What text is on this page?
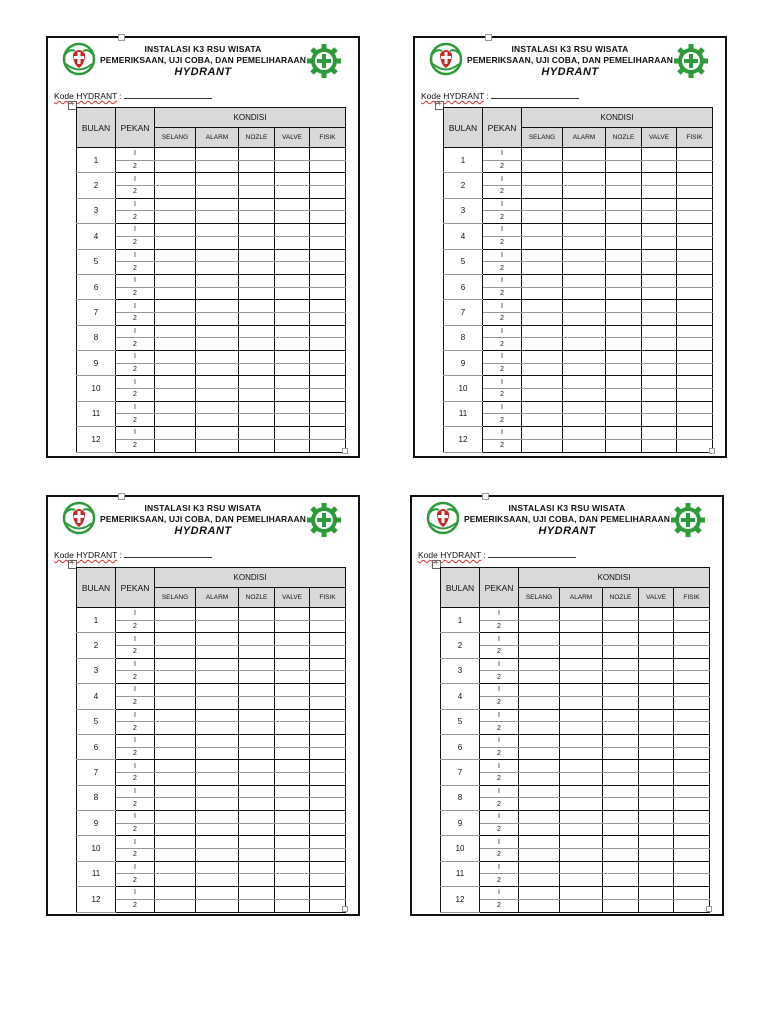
INSTALASI K3 RSU WISATA
PEMERIKSAAN, UJI COBA, DAN PEMELIHARAAN
HYDRANT
Kode HYDRANT :
+
BULAN	PEKAN	KONDISI				
		SELANG	ALARM	NOZLE	VALVE	FISIK
1	I					
	2					
2	I					
	2					
3	I					
	2					
4	I					
	2					
5	I					
	2					
6	I					
	2					
7	I					
	2					
8	I					
	2					
9	I					
	2					
10	I					
	2					
11	I					
	2					
12	I					
	2					
INSTALASI K3 RSU WISATA
PEMERIKSAAN, UJI COBA, DAN PEMELIHARAAN
HYDRANT
Kode HYDRANT :
+
BULAN	PEKAN	KONDISI				
		SELANG	ALARM	NOZLE	VALVE	FISIK
1	I					
	2					
2	I					
	2					
3	I					
	2					
4	I					
	2					
5	I					
	2					
6	I					
	2					
7	I					
	2					
8	I					
	2					
9	I					
	2					
10	I					
	2					
11	I					
	2					
12	I					
	2					
INSTALASI K3 RSU WISATA
PEMERIKSAAN, UJI COBA, DAN PEMELIHARAAN
HYDRANT
Kode HYDRANT :
+
BULAN	PEKAN	KONDISI				
		SELANG	ALARM	NOZLE	VALVE	FISIK
1	I					
	2					
2	I					
	2					
3	I					
	2					
4	I					
	2					
5	I					
	2					
6	I					
	2					
7	I					
	2					
8	I					
	2					
9	I					
	2					
10	I					
	2					
11	I					
	2					
12	I					
	2					
INSTALASI K3 RSU WISATA
PEMERIKSAAN, UJI COBA, DAN PEMELIHARAAN
HYDRANT
Kode HYDRANT :
+
BULAN	PEKAN	KONDISI				
		SELANG	ALARM	NOZLE	VALVE	FISIK
1	I					
	2					
2	I					
	2					
3	I					
	2					
4	I					
	2					
5	I					
	2					
6	I					
	2					
7	I					
	2					
8	I					
	2					
9	I					
	2					
10	I					
	2					
11	I					
	2					
12	I					
	2					
